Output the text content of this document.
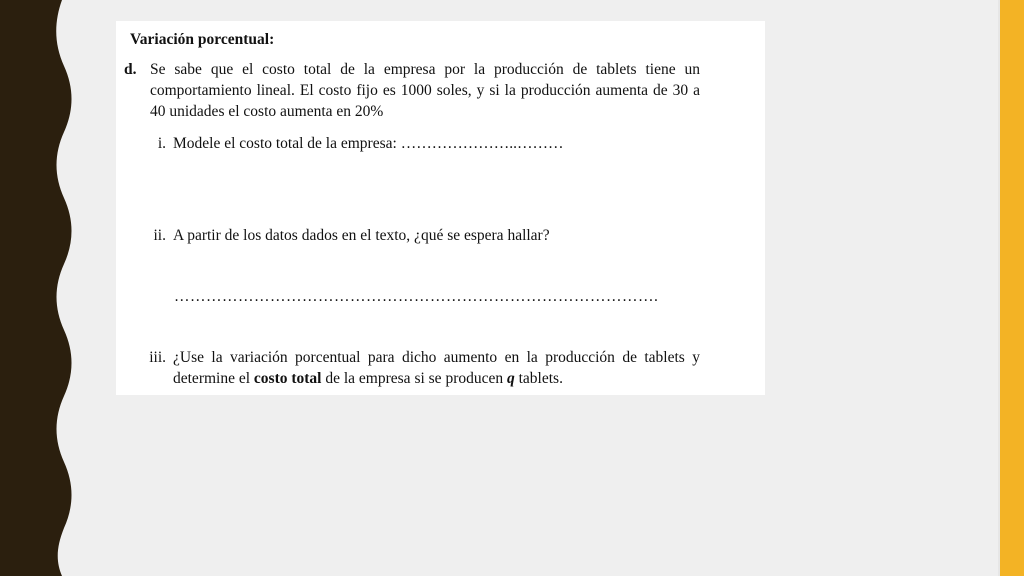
Variación porcentual:
d. Se sabe que el costo total de la empresa por la producción de tablets tiene un comportamiento lineal. El costo fijo es 1000 soles, y si la producción aumenta de 30 a 40 unidades el costo aumenta en 20%
i. Modele el costo total de la empresa: …………………..………
ii. A partir de los datos dados en el texto, ¿qué se espera hallar?
……………………………………………………………………………….
iii. ¿Use la variación porcentual para dicho aumento en la producción de tablets y determine el costo total de la empresa si se producen q tablets.
